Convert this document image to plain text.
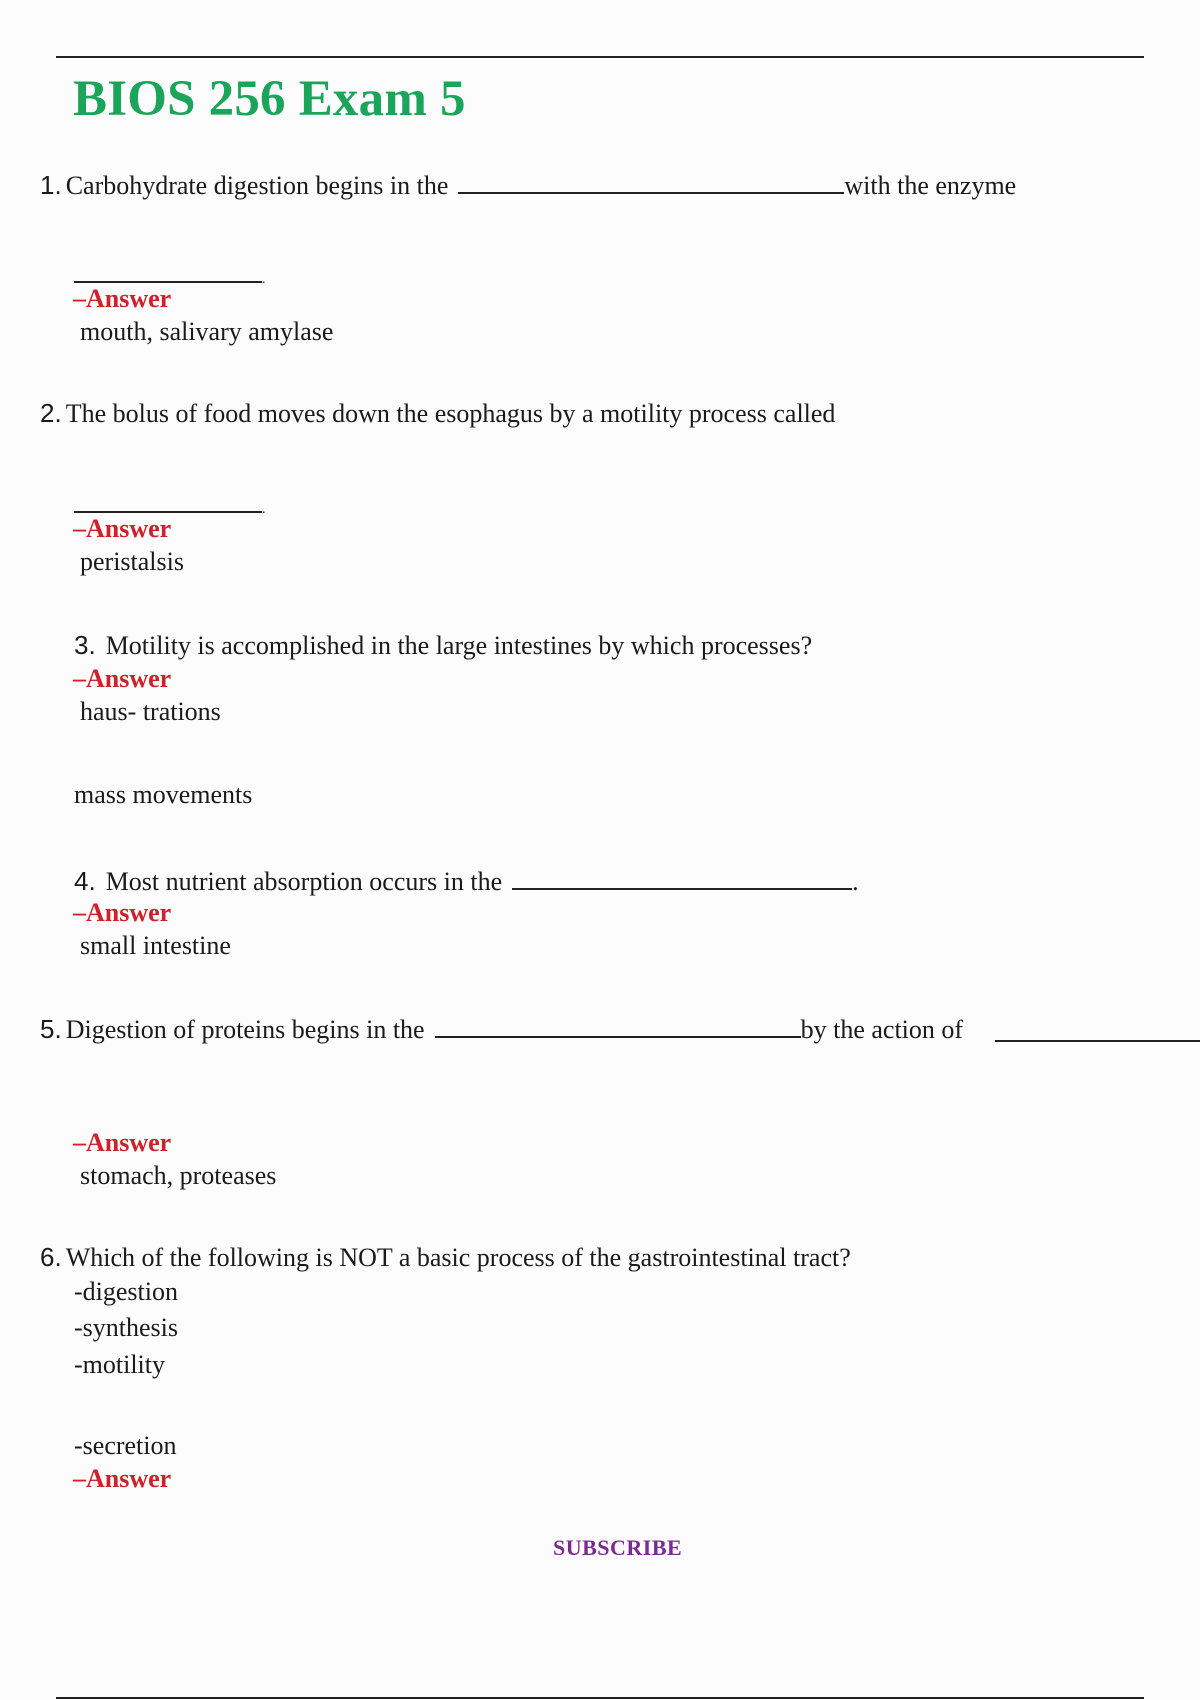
BIOS 256 Exam 5
1. Carbohydrate digestion begins in the	with the enzyme
.
–Answer
mouth, salivary amylase
2. The bolus of food moves down the esophagus by a motility process called
.
–Answer
peristalsis
3. Motility is accomplished in the large intestines by which processes?
–Answer
haus- trations
mass movements
4. Most nutrient absorption occurs in the	.
–Answer
small intestine
5. Digestion of proteins begins in the	by the action of
–Answer
stomach, proteases
6. Which of the following is NOT a basic process of the gastrointestinal tract?
-digestion
-synthesis
-motility
-secretion
–Answer
SUBSCRIBE
